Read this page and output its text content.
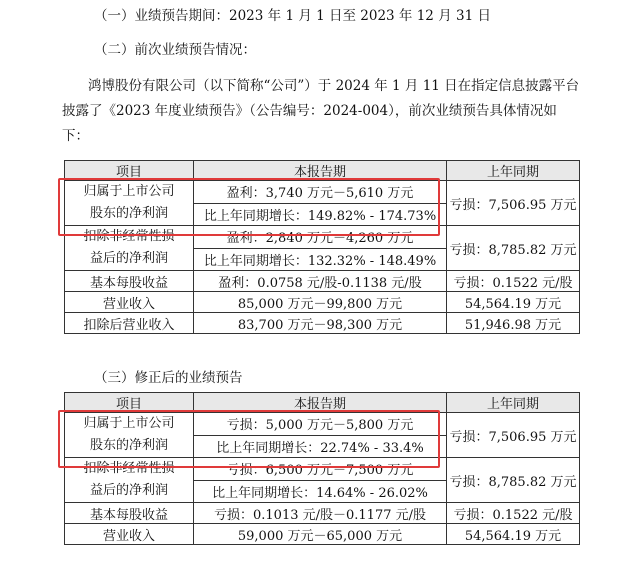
（一）业绩预告期间：2023 年 1 月 1 日至 2023 年 12 月 31 日
（二）前次业绩预告情况：
鸿博股份有限公司（以下简称“公司”）于 2024 年 1 月 11 日在指定信息披露平台披露了《2023 年度业绩预告》（公告编号：2024-004），前次业绩预告具体情况如下：
项目	本报告期	上年同期
归属于上市公司
股东的净利润	盈利：3,740 万元－5,610 万元	亏损：7,506.95 万元
	比上年同期增长：149.82% - 174.73%	
扣除非经常性损
益后的净利润	盈利：2,840 万元－4,260 万元	亏损：8,785.82 万元
	比上年同期增长：132.32% - 148.49%	
基本每股收益	盈利：0.0758 元/股-0.1138 元/股	亏损：0.1522 元/股
营业收入	85,000 万元－99,800 万元	54,564.19 万元
扣除后营业收入	83,700 万元－98,300 万元	51,946.98 万元
（三）修正后的业绩预告
项目	本报告期	上年同期
归属于上市公司
股东的净利润	亏损：5,000 万元－5,800 万元	亏损：7,506.95 万元
	比上年同期增长：22.74% - 33.4%	
扣除非经常性损
益后的净利润	亏损：6,500 万元－7,500 万元	亏损：8,785.82 万元
	比上年同期增长：14.64% - 26.02%	
基本每股收益	亏损：0.1013 元/股－0.1177 元/股	亏损：0.1522 元/股
营业收入	59,000 万元－65,000 万元	54,564.19 万元
